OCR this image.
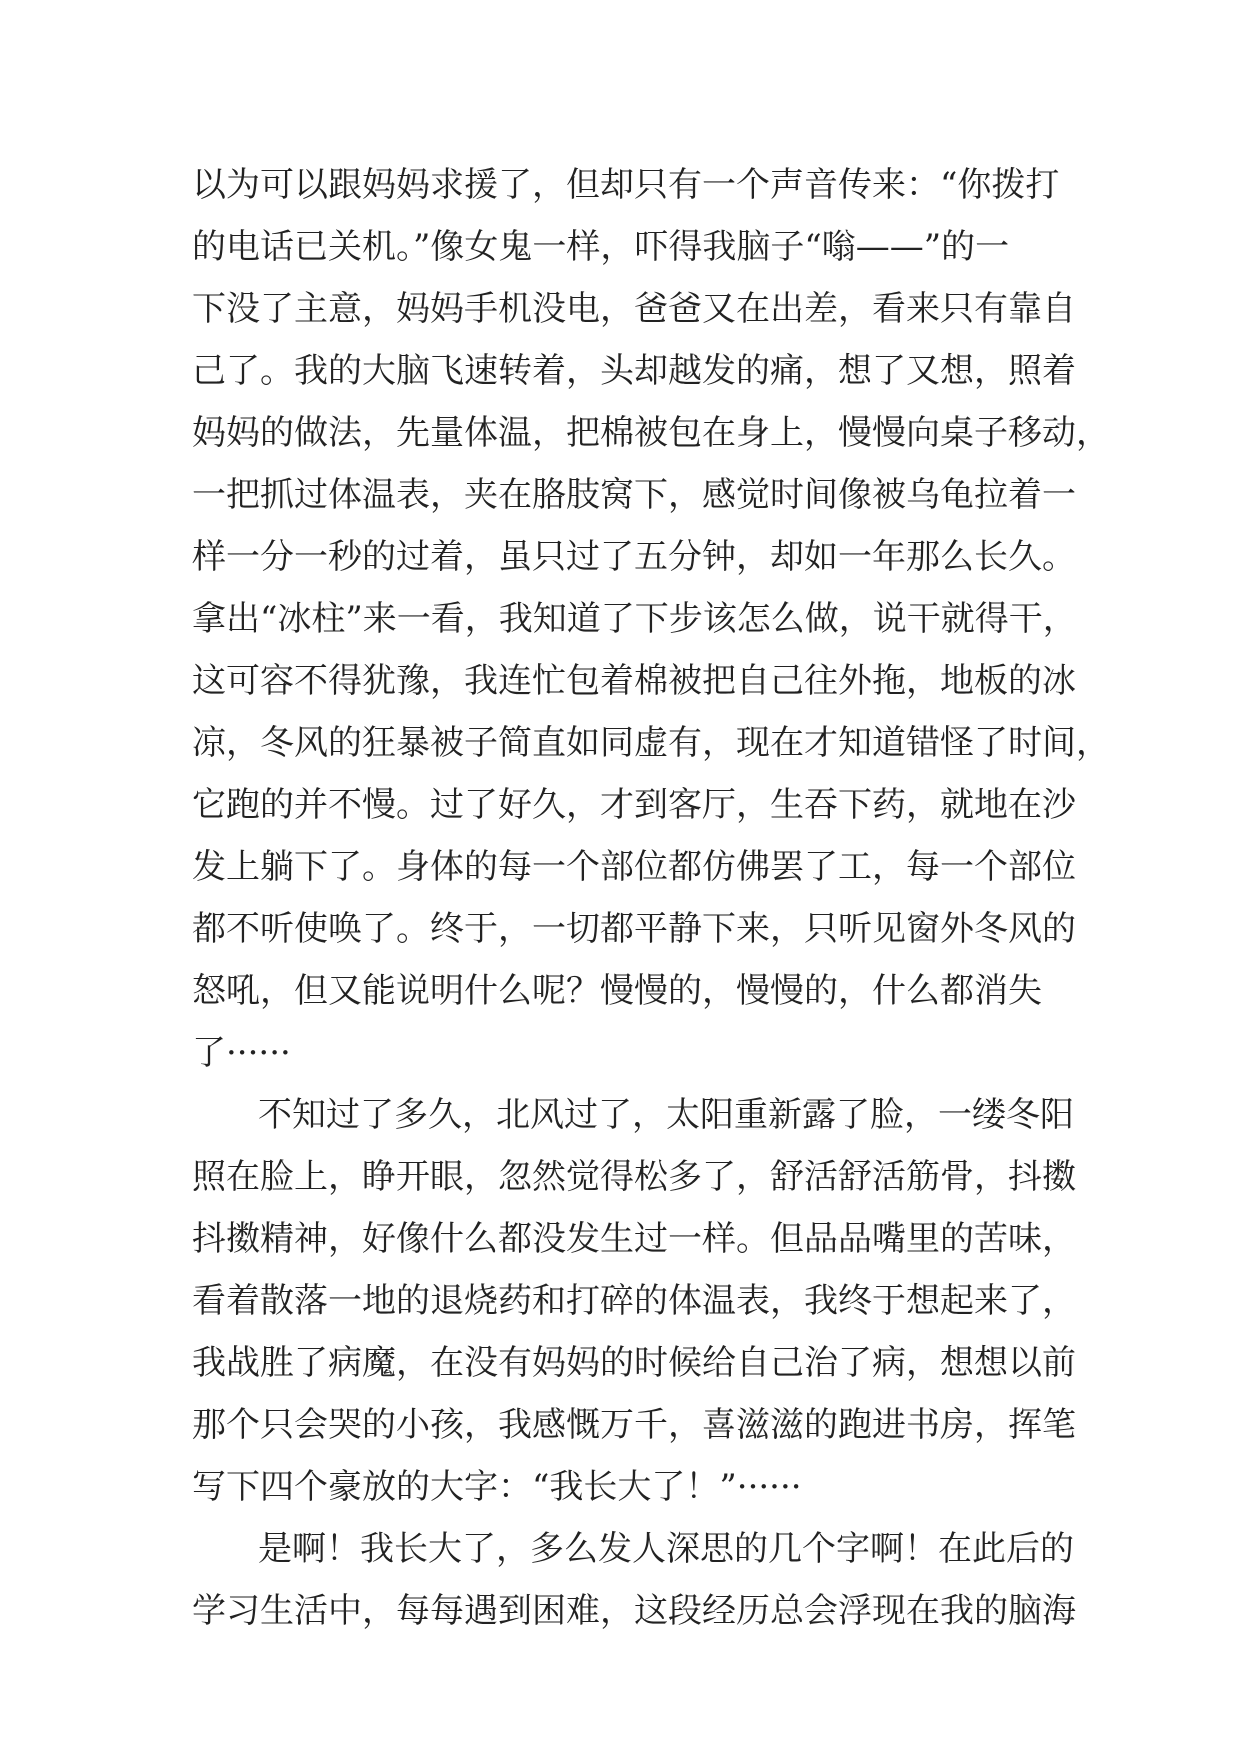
以为可以跟妈妈求援了，但却只有一个声音传来：“你拨打
的电话已关机。”像女鬼一样，吓得我脑子“嗡——”的一
下没了主意，妈妈手机没电，爸爸又在出差，看来只有靠自
己了。我的大脑飞速转着，头却越发的痛，想了又想，照着
妈妈的做法，先量体温，把棉被包在身上，慢慢向桌子移动，
一把抓过体温表，夹在胳肢窝下，感觉时间像被乌龟拉着一
样一分一秒的过着，虽只过了五分钟，却如一年那么长久。
拿出“冰柱”来一看，我知道了下步该怎么做，说干就得干，
这可容不得犹豫，我连忙包着棉被把自己往外拖，地板的冰
凉，冬风的狂暴被子简直如同虚有，现在才知道错怪了时间，
它跑的并不慢。过了好久，才到客厅，生吞下药，就地在沙
发上躺下了。身体的每一个部位都仿佛罢了工，每一个部位
都不听使唤了。终于，一切都平静下来，只听见窗外冬风的
怒吼，但又能说明什么呢？慢慢的，慢慢的，什么都消失
了······
不知过了多久，北风过了，太阳重新露了脸，一缕冬阳
照在脸上，睁开眼，忽然觉得松多了，舒活舒活筋骨，抖擞
抖擞精神，好像什么都没发生过一样。但品品嘴里的苦味，
看着散落一地的退烧药和打碎的体温表，我终于想起来了，
我战胜了病魔，在没有妈妈的时候给自己治了病，想想以前
那个只会哭的小孩，我感慨万千，喜滋滋的跑进书房，挥笔
写下四个豪放的大字：“我长大了！”······
是啊！我长大了，多么发人深思的几个字啊！在此后的
学习生活中，每每遇到困难，这段经历总会浮现在我的脑海
